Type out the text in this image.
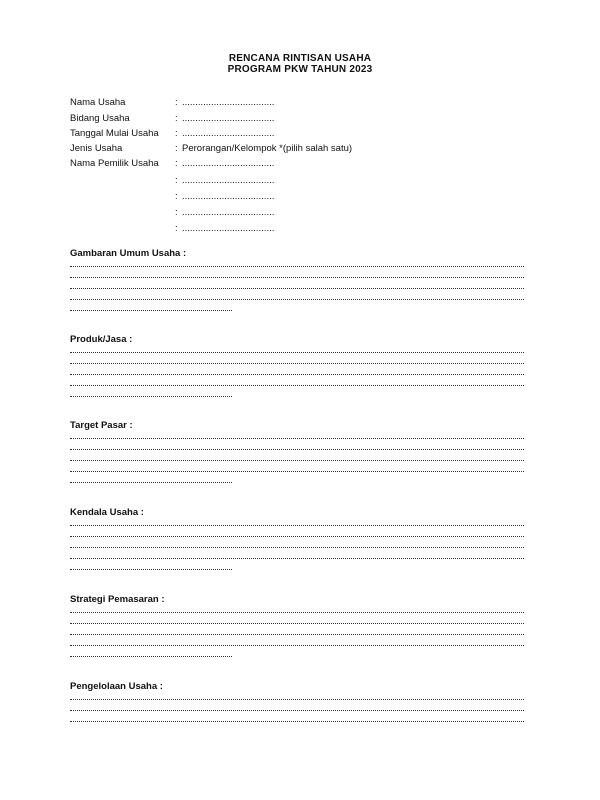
RENCANA RINTISAN USAHA
PROGRAM PKW TAHUN 2023
Nama Usaha	: ...................................
Bidang Usaha	: ...................................
Tanggal Mulai Usaha : ...................................
Jenis Usaha	: Perorangan/Kelompok *(pilih salah satu)
Nama Pemilik Usaha : ...................................
: ...................................
: ...................................
: ...................................
: ...................................
Gambaran Umum Usaha :
Produk/Jasa :
Target Pasar :
Kendala Usaha :
Strategi Pemasaran :
Pengelolaan Usaha :
